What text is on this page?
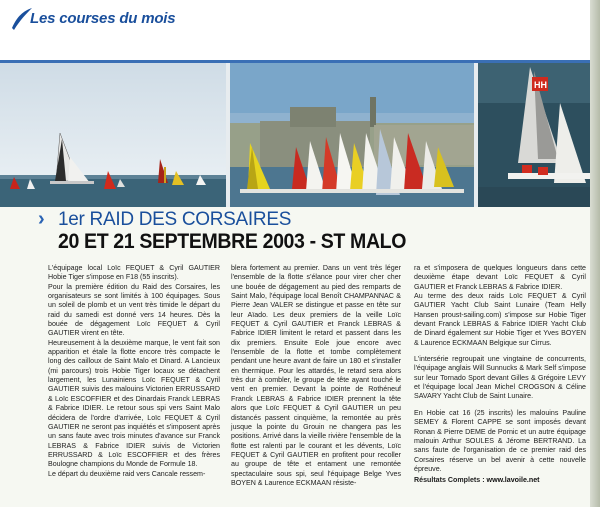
Les courses du mois
HH
› 1er RAID DES CORSAIRES
20 ET 21 SEPTEMBRE 2003 - ST MALO

L'équipage local Loïc FEQUET & Cyril GAUTIER Hobie Tiger s'impose en F18 (55 inscrits).

Pour la première édition du Raid des Corsaires, les organisateurs se sont limités à 100 équipages. Sous un soleil de plomb et un vent très timide le départ du raid du samedi est donné vers 14 heures. Dès la bouée de dégagement Loïc FEQUET & Cyril GAUTIER virent en tête.

Heureusement à la deuxième marque, le vent fait son apparition et étale la flotte encore très compacte le long des cailloux de Saint Malo et Dinard. A Lancieux (mi parcours) trois Hobie Tiger locaux se détachent largement, les Lunainiens Loïc FEQUET & Cyril GAUTIER suivis des malouins Victorien ERRUSSARD & Loïc ESCOFFIER et des Dinardais Franck LEBRAS & Fabrice IDIER. Le retour sous spi vers Saint Malo décidera de l'ordre d'arrivée, Loïc FEQUET & Cyril GAUTIER ne seront pas inquiétés et s'imposent après un sans faute avec trois minutes d'avance sur Franck LEBRAS & Fabrice IDIER suivis de Victorien ERRUSSARD & Loïc ESCOFFIER et des frères Boulogne champions du Monde de Formule 18.

Le départ du deuxième raid vers Cancale ressem-

blera fortement au premier. Dans un vent très léger l'ensemble de la flotte s'élance pour virer cher cher une bouée de dégagement au pied des remparts de Saint Malo, l'équipage local Benoît CHAMPANNAC & Pierre Jean VALER se distingue et passe en tête sur leur Aïado. Les deux premiers de la veille Loïc FEQUET & Cyril GAUTIER et Franck LEBRAS & Fabrice IDIER limitent le retard et passent dans les dix premiers. Ensuite Eole joue encore avec l'ensemble de la flotte et tombe complètement pendant une heure avant de faire un 180 et s'installer en thermique. Pour les attardés, le retard sera alors très dur à combler, le groupe de tête ayant touché le vent en premier. Devant la pointe de Rothéneuf Franck LEBRAS & Fabrice IDIER prennent la tête alors que Loïc FEQUET & Cyril GAUTIER un peu distancés passent cinquième, la remontée au près jusque la pointe du Grouin ne changera pas les positions. Arrivé dans la vieille rivière l'ensemble de la flotte est ralenti par le courant et les dévents, Loïc FEQUET & Cyril GAUTIER en profitent pour recoller au groupe de tête et entament une remontée spectaculaire sous spi, seul l'équipage Belge Yves BOYEN & Laurence ECKMAAN résiste-

ra et s'imposera de quelques longueurs dans cette deuxième étape devant Loïc FEQUET & Cyril GAUTIER et Franck LEBRAS & Fabrice IDIER.

Au terme des deux raids Loïc FEQUET & Cyril GAUTIER Yacht Club Saint Lunaire (Team Helly Hansen proust-sailing.com) s'impose sur Hobie Tiger devant Franck LEBRAS & Fabrice IDIER Yacht Club de Dinard également sur Hobie Tiger et Yves BOYEN & Laurence ECKMAAN Belgique sur Cirrus.

L'intersérie regroupait une vingtaine de concurrents, l'équipage anglais Will Sunnucks & Mark Self s'impose sur leur Tornado Sport devant Gilles & Grégoire LEVY et l'équipage local Jean Michel CROGSON & Céline SAVARY Yacht Club de Saint Lunaire.

En Hobie cat 16 (25 inscrits) les malouins Pauline SEMEY & Florent CAPPE se sont imposés devant Ronan & Pierre DEME de Pornic et un autre équipage malouin Arthur SOULES & Jérome BERTRAND. La sans faute de l'organisation de ce premier raid des Corsaires réserve un bel avenir à cette nouvelle épreuve.

Résultats Complets : www.lavoile.net
